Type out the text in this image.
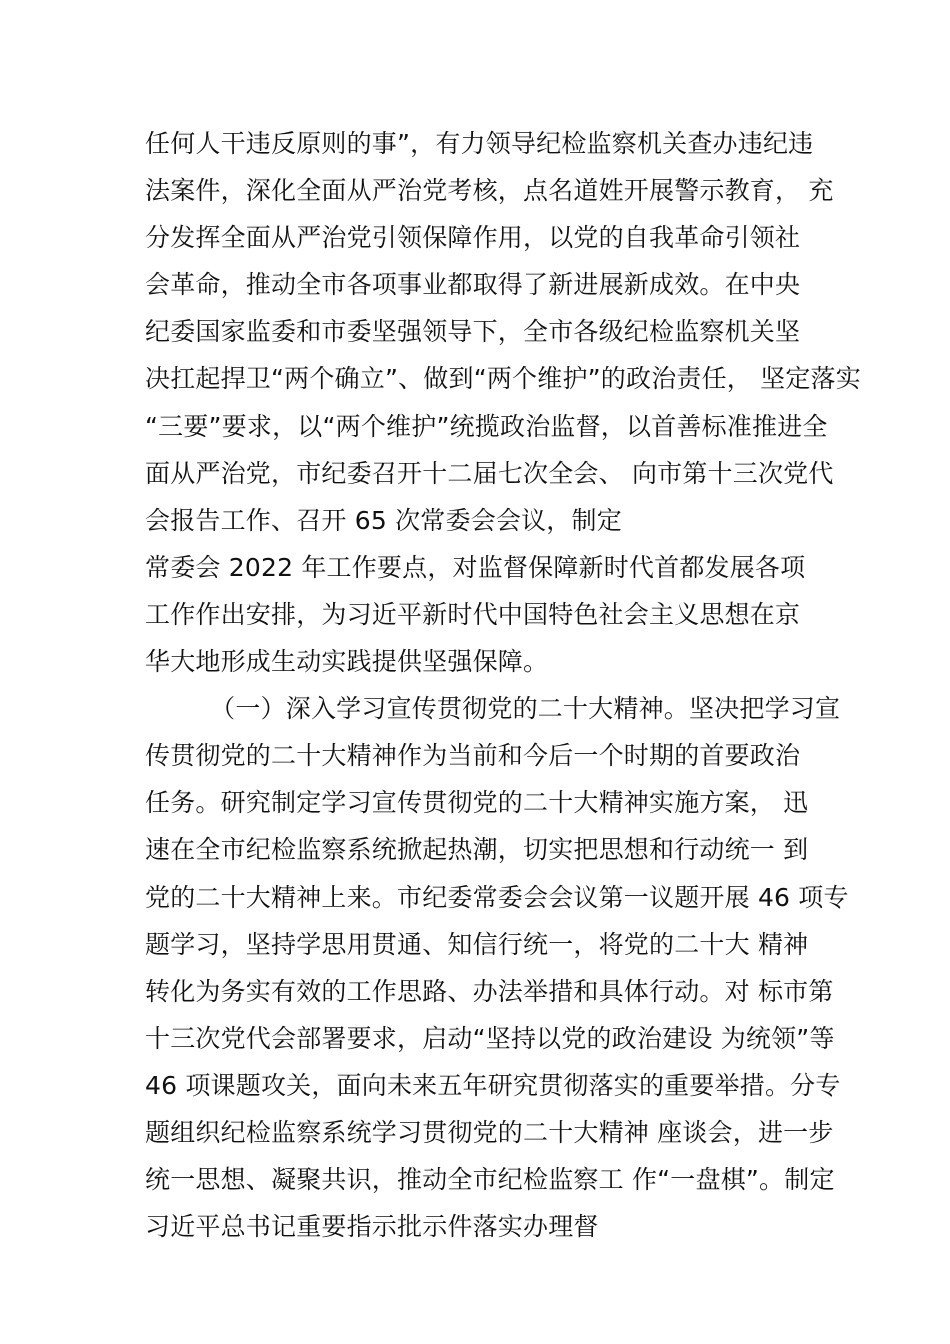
任何人干违反原则的事”，有力领导纪检监察机关查办违纪违
法案件，深化全面从严治党考核，点名道姓开展警示教育， 充
分发挥全面从严治党引领保障作用，以党的自我革命引领社
会革命，推动全市各项事业都取得了新进展新成效。在中央
纪委国家监委和市委坚强领导下，全市各级纪检监察机关坚
决扛起捍卫“两个确立”、做到“两个维护”的政治责任， 坚定落实
“三要”要求，以“两个维护”统揽政治监督，以首善标准推进全
面从严治党，市纪委召开十二届七次全会、 向市第十三次党代
会报告工作、召开 65 次常委会会议，制定
常委会 2022 年工作要点，对监督保障新时代首都发展各项
工作作出安排，为习近平新时代中国特色社会主义思想在京
华大地形成生动实践提供坚强保障。
（一）深入学习宣传贯彻党的二十大精神。坚决把学习宣
传贯彻党的二十大精神作为当前和今后一个时期的首要政治
任务。研究制定学习宣传贯彻党的二十大精神实施方案， 迅
速在全市纪检监察系统掀起热潮，切实把思想和行动统一 到
党的二十大精神上来。市纪委常委会会议第一议题开展 46 项专
题学习，坚持学思用贯通、知信行统一，将党的二十大 精神
转化为务实有效的工作思路、办法举措和具体行动。对 标市第
十三次党代会部署要求，启动“坚持以党的政治建设 为统领”等
46 项课题攻关，面向未来五年研究贯彻落实的重要举措。分专
题组织纪检监察系统学习贯彻党的二十大精神 座谈会，进一步
统一思想、凝聚共识，推动全市纪检监察工 作“一盘棋”。制定
习近平总书记重要指示批示件落实办理督
